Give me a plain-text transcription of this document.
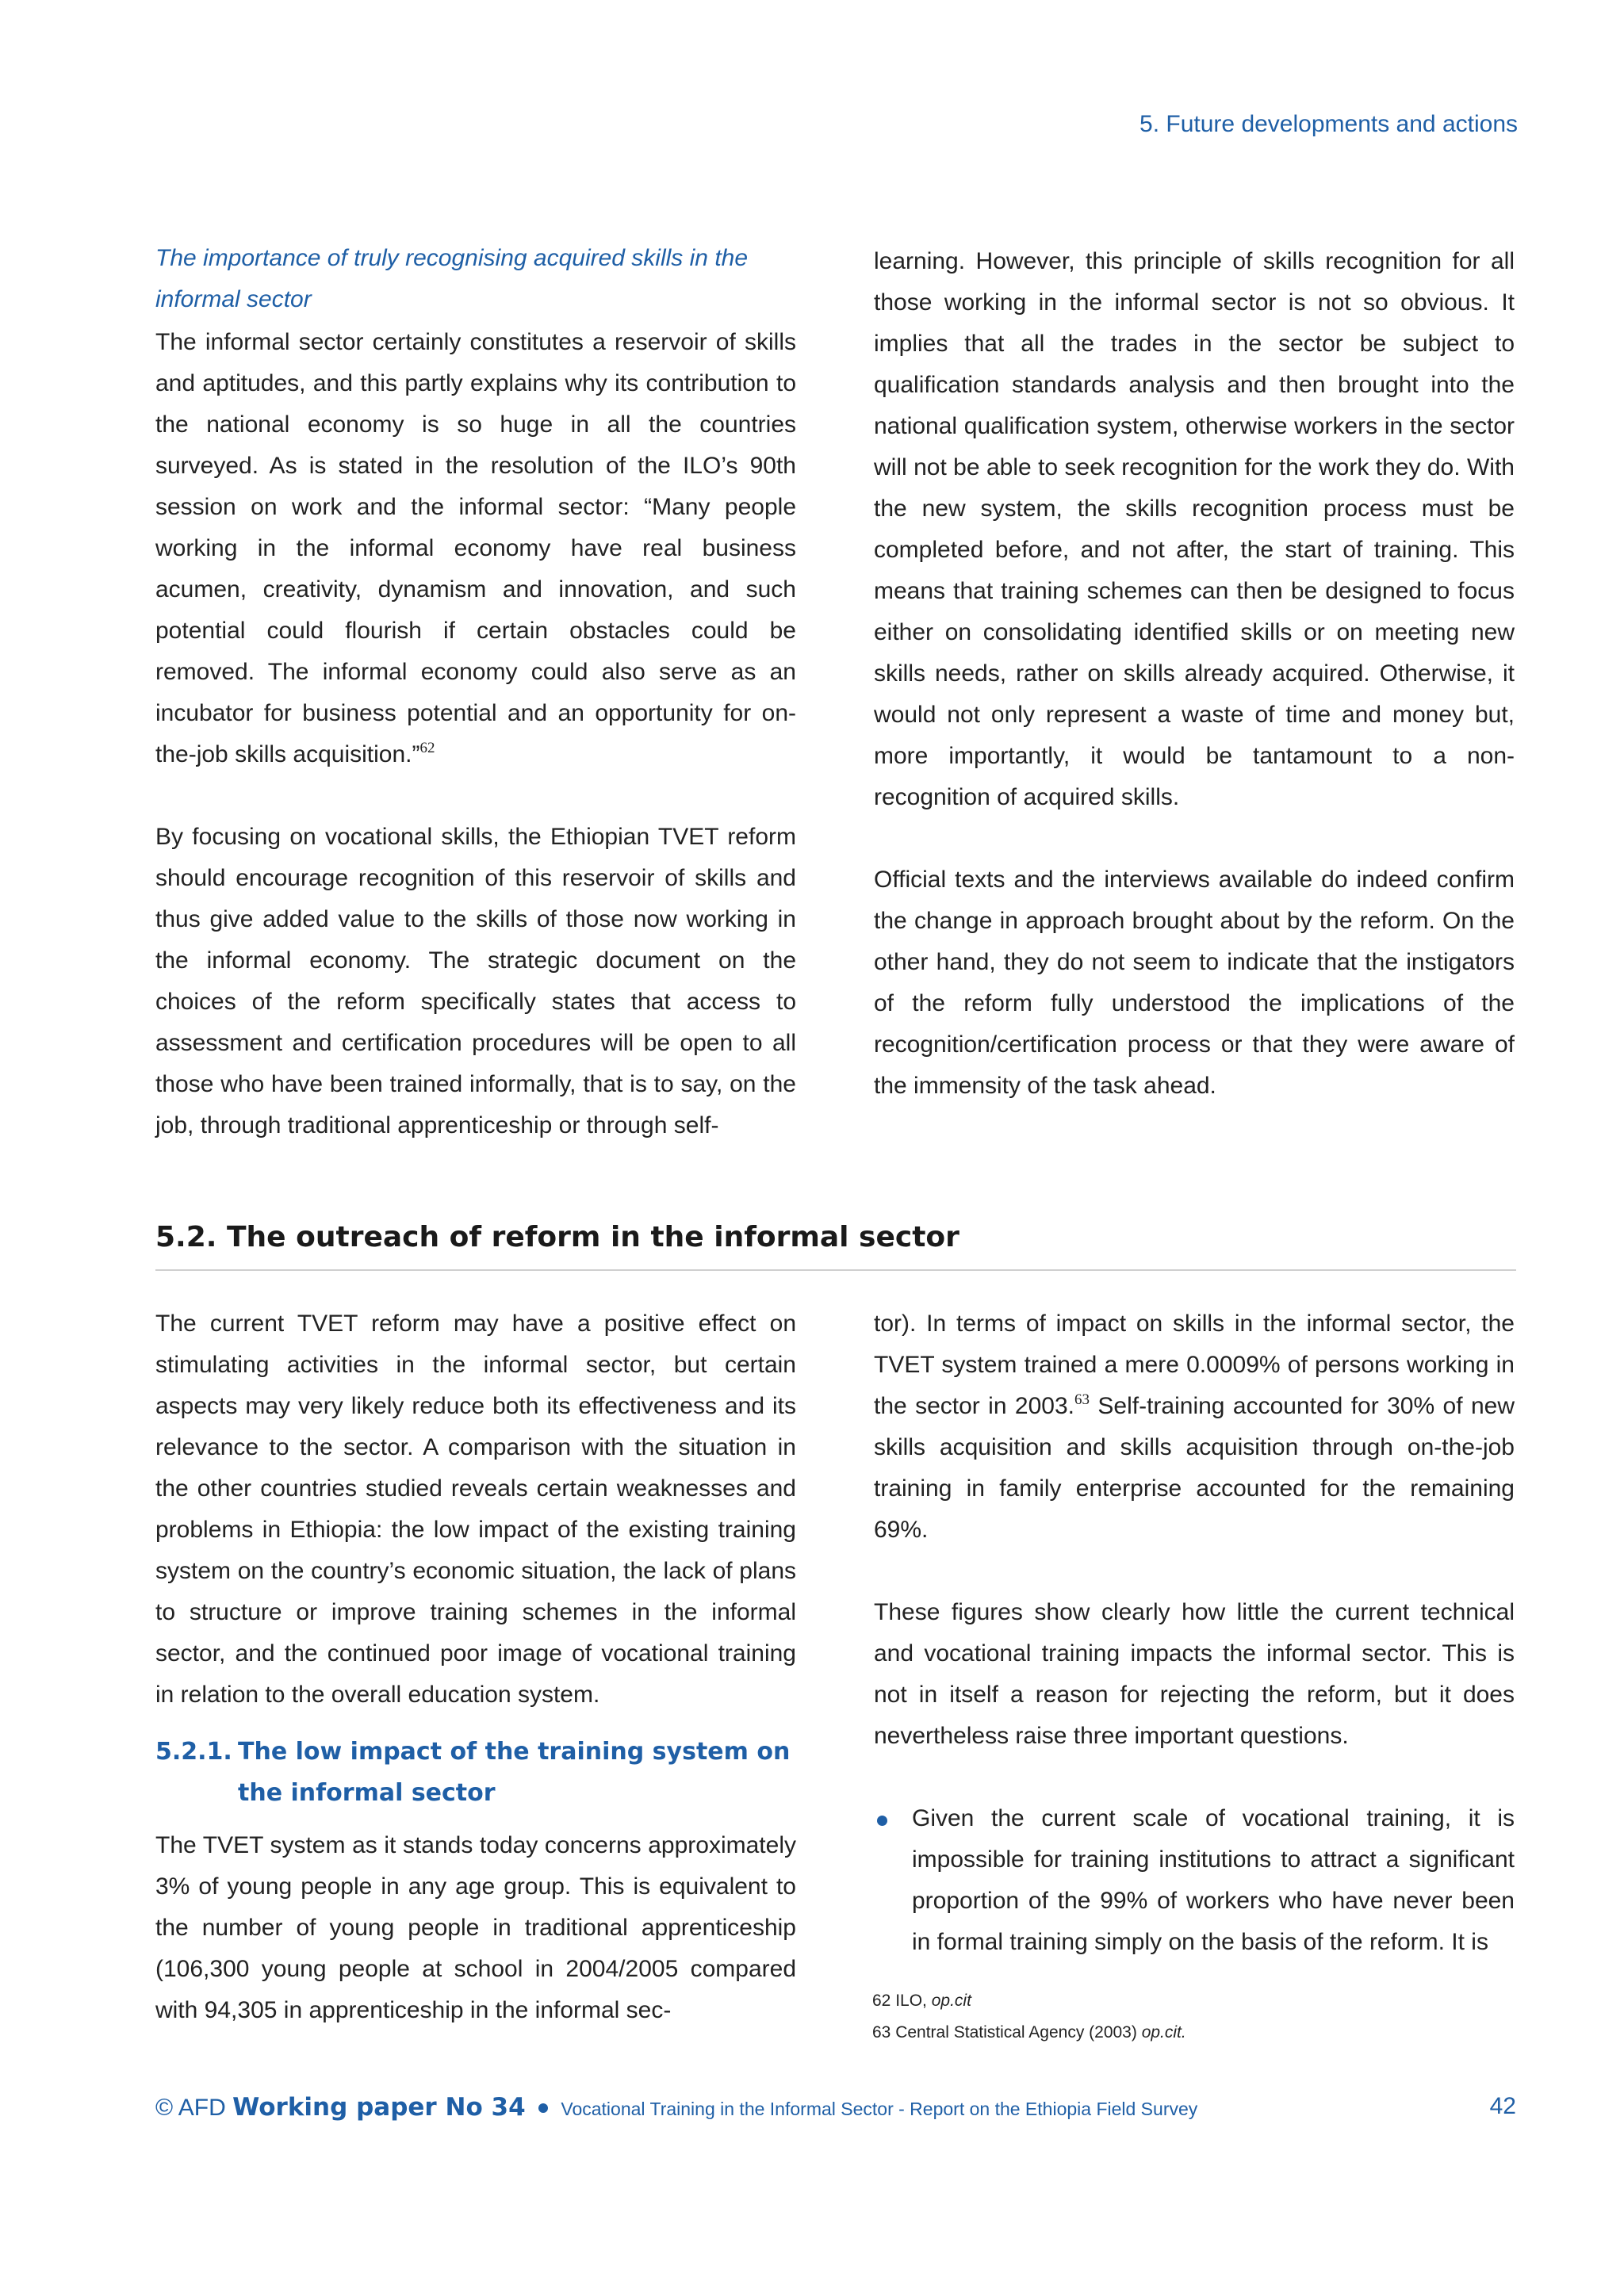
5. Future developments and actions

The importance of truly recognising acquired skills in the informal sector

The informal sector certainly constitutes a reservoir of skills and aptitudes, and this partly explains why its contribution to the national economy is so huge in all the countries surveyed. As is stated in the resolution of the ILO’s 90th session on work and the informal sector: “Many people working in the informal economy have real business acumen, creativity, dynamism and innovation, and such potential could flourish if certain obstacles could be removed. The informal economy could also serve as an incubator for business potential and an opportunity for on-the-job skills acquisition.”$^{62}$

By focusing on vocational skills, the Ethiopian TVET reform should encourage recognition of this reservoir of skills and thus give added value to the skills of those now working in the informal economy. The strategic document on the choices of the reform specifically states that access to assessment and certification procedures will be open to all those who have been trained informally, that is to say, on the job, through traditional apprenticeship or through self-

learning. However, this principle of skills recognition for all those working in the informal sector is not so obvious. It implies that all the trades in the sector be subject to qualification standards analysis and then brought into the national qualification system, otherwise workers in the sector will not be able to seek recognition for the work they do. With the new system, the skills recognition process must be completed before, and not after, the start of training. This means that training schemes can then be designed to focus either on consolidating identified skills or on meeting new skills needs, rather on skills already acquired. Otherwise, it would not only represent a waste of time and money but, more importantly, it would be tantamount to a non-recognition of acquired skills.

Official texts and the interviews available do indeed confirm the change in approach brought about by the reform. On the other hand, they do not seem to indicate that the instigators of the reform fully understood the implications of the recognition/certification process or that they were aware of the immensity of the task ahead.

5.2. The outreach of reform in the informal sector

The current TVET reform may have a positive effect on stimulating activities in the informal sector, but certain aspects may very likely reduce both its effectiveness and its relevance to the sector. A comparison with the situation in the other countries studied reveals certain weaknesses and problems in Ethiopia: the low impact of the existing training system on the country’s economic situation, the lack of plans to structure or improve training schemes in the informal sector, and the continued poor image of vocational training in relation to the overall education system.

5.2.1. The low impact of the training system on the informal sector

The TVET system as it stands today concerns approximately 3% of young people in any age group. This is equivalent to the number of young people in traditional apprenticeship (106,300 young people at school in 2004/2005 compared with 94,305 in apprenticeship in the informal sec-

tor). In terms of impact on skills in the informal sector, the TVET system trained a mere 0.0009% of persons working in the sector in 2003.63 Self-training accounted for 30% of new skills acquisition and skills acquisition through on-the-job training in family enterprise accounted for the remaining 69%.

These figures show clearly how little the current technical and vocational training impacts the informal sector. This is not in itself a reason for rejecting the reform, but it does nevertheless raise three important questions.

Given the current scale of vocational training, it is impossible for training institutions to attract a significant proportion of the 99% of workers who have never been in formal training simply on the basis of the reform. It is

62 ILO, op.cit

63 Central Statistical Agency (2003) op.cit.

© AFD Working paper No 34 Vocational Training in the Informal Sector - Report on the Ethiopia Field Survey	42
